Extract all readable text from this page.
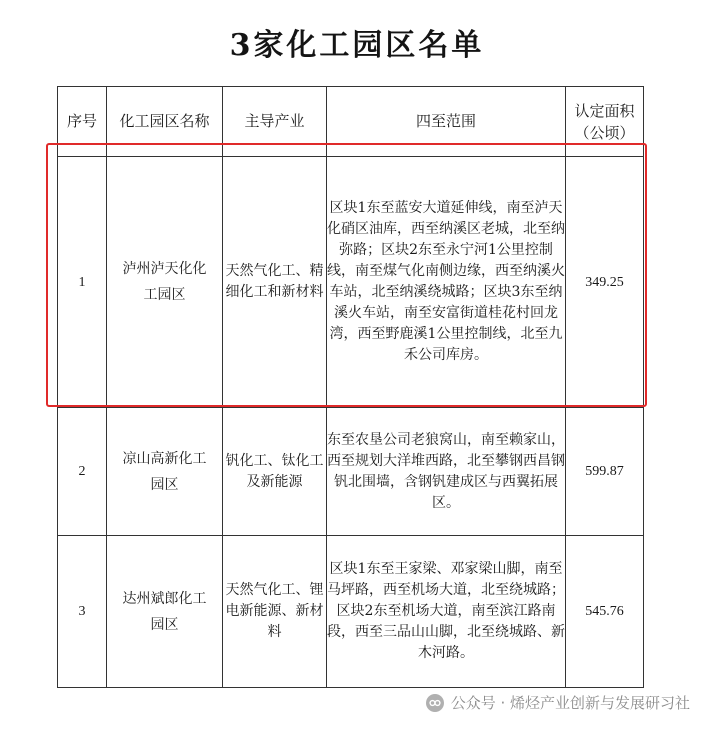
3家化工园区名单
序号	化工园区名称	主导产业	四至范围	认定面积（公顷）
1	泸州泸天化化工园区	天然气化工、精细化工和新材料	区块1东至蓝安大道延伸线，南至泸天化硝区油库，西至纳溪区老城，北至纳弥路；区块2东至永宁河1公里控制线，南至煤气化南侧边缘，西至纳溪火车站，北至纳溪绕城路；区块3东至纳溪火车站，南至安富街道桂花村回龙湾，西至野鹿溪1公里控制线，北至九禾公司库房。	349.25
2	凉山高新化工园区	钒化工、钛化工及新能源	东至农垦公司老狼窝山，南至赖家山，西至规划大洋堆西路，北至攀钢西昌钢钒北围墙，含钢钒建成区与西翼拓展区。	599.87
3	达州斌郎化工园区	天然气化工、锂电新能源、新材料	区块1东至王家梁、邓家梁山脚，南至马坪路，西至机场大道，北至绕城路；区块2东至机场大道，南至滨江路南段，西至三品山山脚，北至绕城路、新木河路。	545.76
公众号 · 烯烃产业创新与发展研习社
